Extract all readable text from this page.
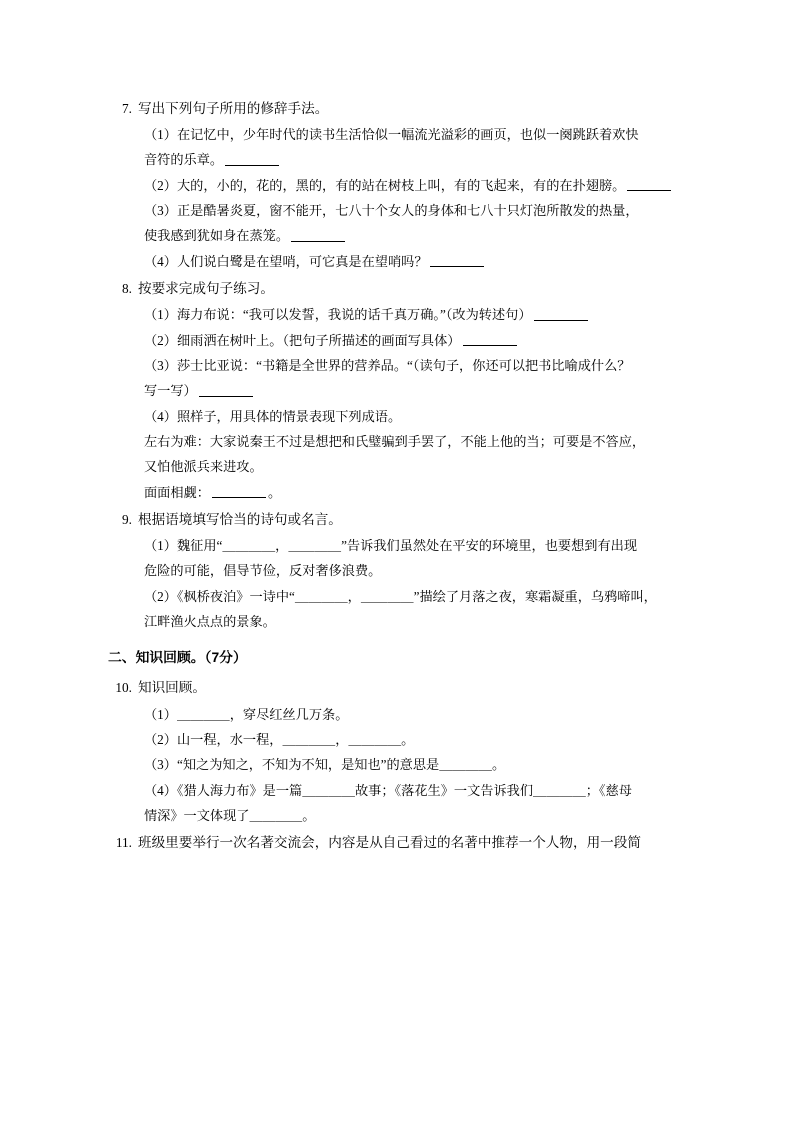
7. 写出下列句子所用的修辞手法。
（1）在记忆中，少年时代的读书生活恰似一幅流光溢彩的画页，也似一阕跳跃着欢快
音符的乐章。
（2）大的，小的，花的，黑的，有的站在树枝上叫，有的飞起来，有的在扑翅膀。
（3）正是酷暑炎夏，窗不能开，七八十个女人的身体和七八十只灯泡所散发的热量，
使我感到犹如身在蒸笼。
（4）人们说白鹭是在望哨，可它真是在望哨吗？
8. 按要求完成句子练习。
（1）海力布说：“我可以发誓，我说的话千真万确。”（改为转述句）
（2）细雨洒在树叶上。（把句子所描述的画面写具体）
（3）莎士比亚说：“书籍是全世界的营养品。“（读句子，你还可以把书比喻成什么？
写一写）
（4）照样子，用具体的情景表现下列成语。
左右为难：大家说秦王不过是想把和氏璧骗到手罢了，不能上他的当；可要是不答应，
又怕他派兵来进攻。
面面相觑：	。
9. 根据语境填写恰当的诗句或名言。
（1）魏征用“＿＿＿＿，＿＿＿＿”告诉我们虽然处在平安的环境里，也要想到有出现
危险的可能，倡导节俭，反对奢侈浪费。
（2）《枫桥夜泊》一诗中“＿＿＿＿，＿＿＿＿”描绘了月落之夜，寒霜凝重，乌鸦啼叫，
江畔渔火点点的景象。
二、知识回顾。（7分）
10. 知识回顾。
（1）＿＿＿＿，穿尽红丝几万条。
（2）山一程，水一程，＿＿＿＿，＿＿＿＿。
（3）“知之为知之，不知为不知，是知也”的意思是＿＿＿＿。
（4）《猎人海力布》是一篇＿＿＿＿故事；《落花生》一文告诉我们＿＿＿＿；《慈母
情深》一文体现了＿＿＿＿。
11. 班级里要举行一次名著交流会，内容是从自己看过的名著中推荐一个人物，用一段简
